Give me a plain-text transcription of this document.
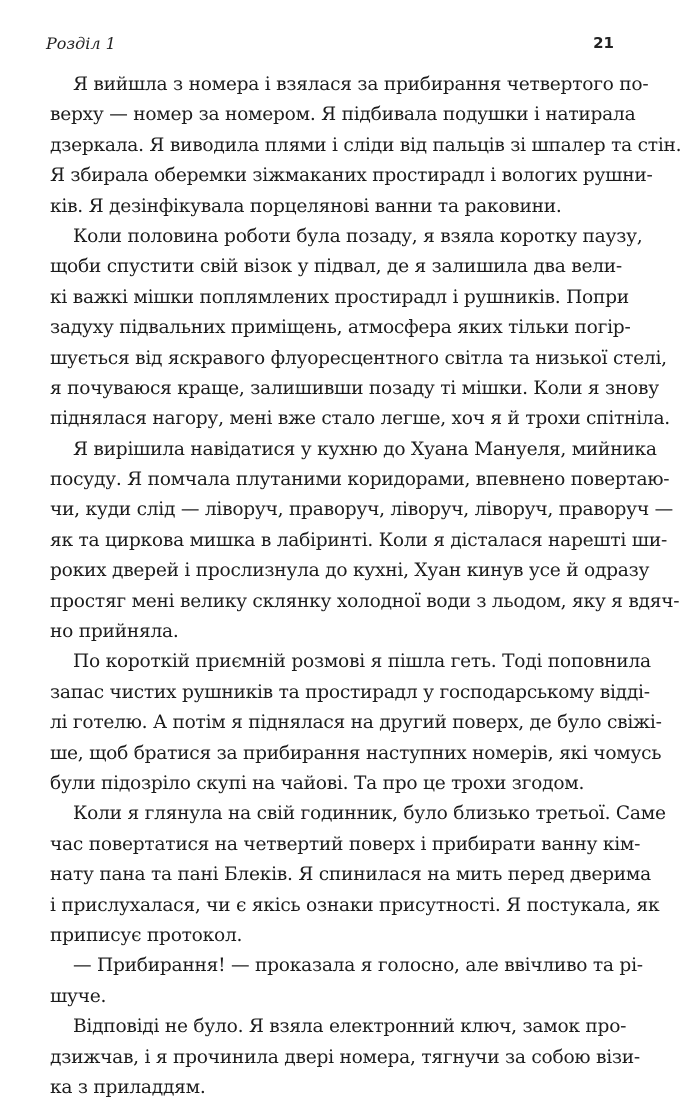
Розділ 1	21
Я вийшла з номера і взялася за прибирання четвертого по-
верху — номер за номером. Я підбивала подушки і натирала
дзеркала. Я виводила плями і сліди від пальців зі шпалер та стін.
Я збирала оберемки зіжмаканих простирадл і вологих рушни-
ків. Я дезінфікувала порцелянові ванни та раковини.
Коли половина роботи була позаду, я взяла коротку паузу,
щоби спустити свій візок у підвал, де я залишила два вели-
кі важкі мішки поплямлених простирадл і рушників. Попри
задуху підвальних приміщень, атмосфера яких тільки погір-
шується від яскравого флуоресцентного світла та низької стелі,
я почуваюся краще, залишивши позаду ті мішки. Коли я знову
піднялася нагору, мені вже стало легше, хоч я й трохи спітніла.
Я вирішила навідатися у кухню до Хуана Мануеля, мийника
посуду. Я помчала плутаними коридорами, впевнено повертаю-
чи, куди слід — ліворуч, праворуч, ліворуч, ліворуч, праворуч —
як та циркова мишка в лабіринті. Коли я дісталася нарешті ши-
роких дверей і прослизнула до кухні, Хуан кинув усе й одразу
простяг мені велику склянку холодної води з льодом, яку я вдяч-
но прийняла.
По короткій приємній розмові я пішла геть. Тоді поповнила
запас чистих рушників та простирадл у господарському відді-
лі готелю. А потім я піднялася на другий поверх, де було свіжі-
ше, щоб братися за прибирання наступних номерів, які чомусь
були підозріло скупі на чайові. Та про це трохи згодом.
Коли я глянула на свій годинник, було близько третьої. Саме
час повертатися на четвертий поверх і прибирати ванну кім-
нату пана та пані Блеків. Я спинилася на мить перед дверима
і прислухалася, чи є якісь ознаки присутності. Я постукала, як
приписує протокол.
— Прибирання! — проказала я голосно, але ввічливо та рі-
шуче.
Відповіді не було. Я взяла електронний ключ, замок про-
дзижчав, і я прочинила двері номера, тягнучи за собою візи-
ка з приладдям.
